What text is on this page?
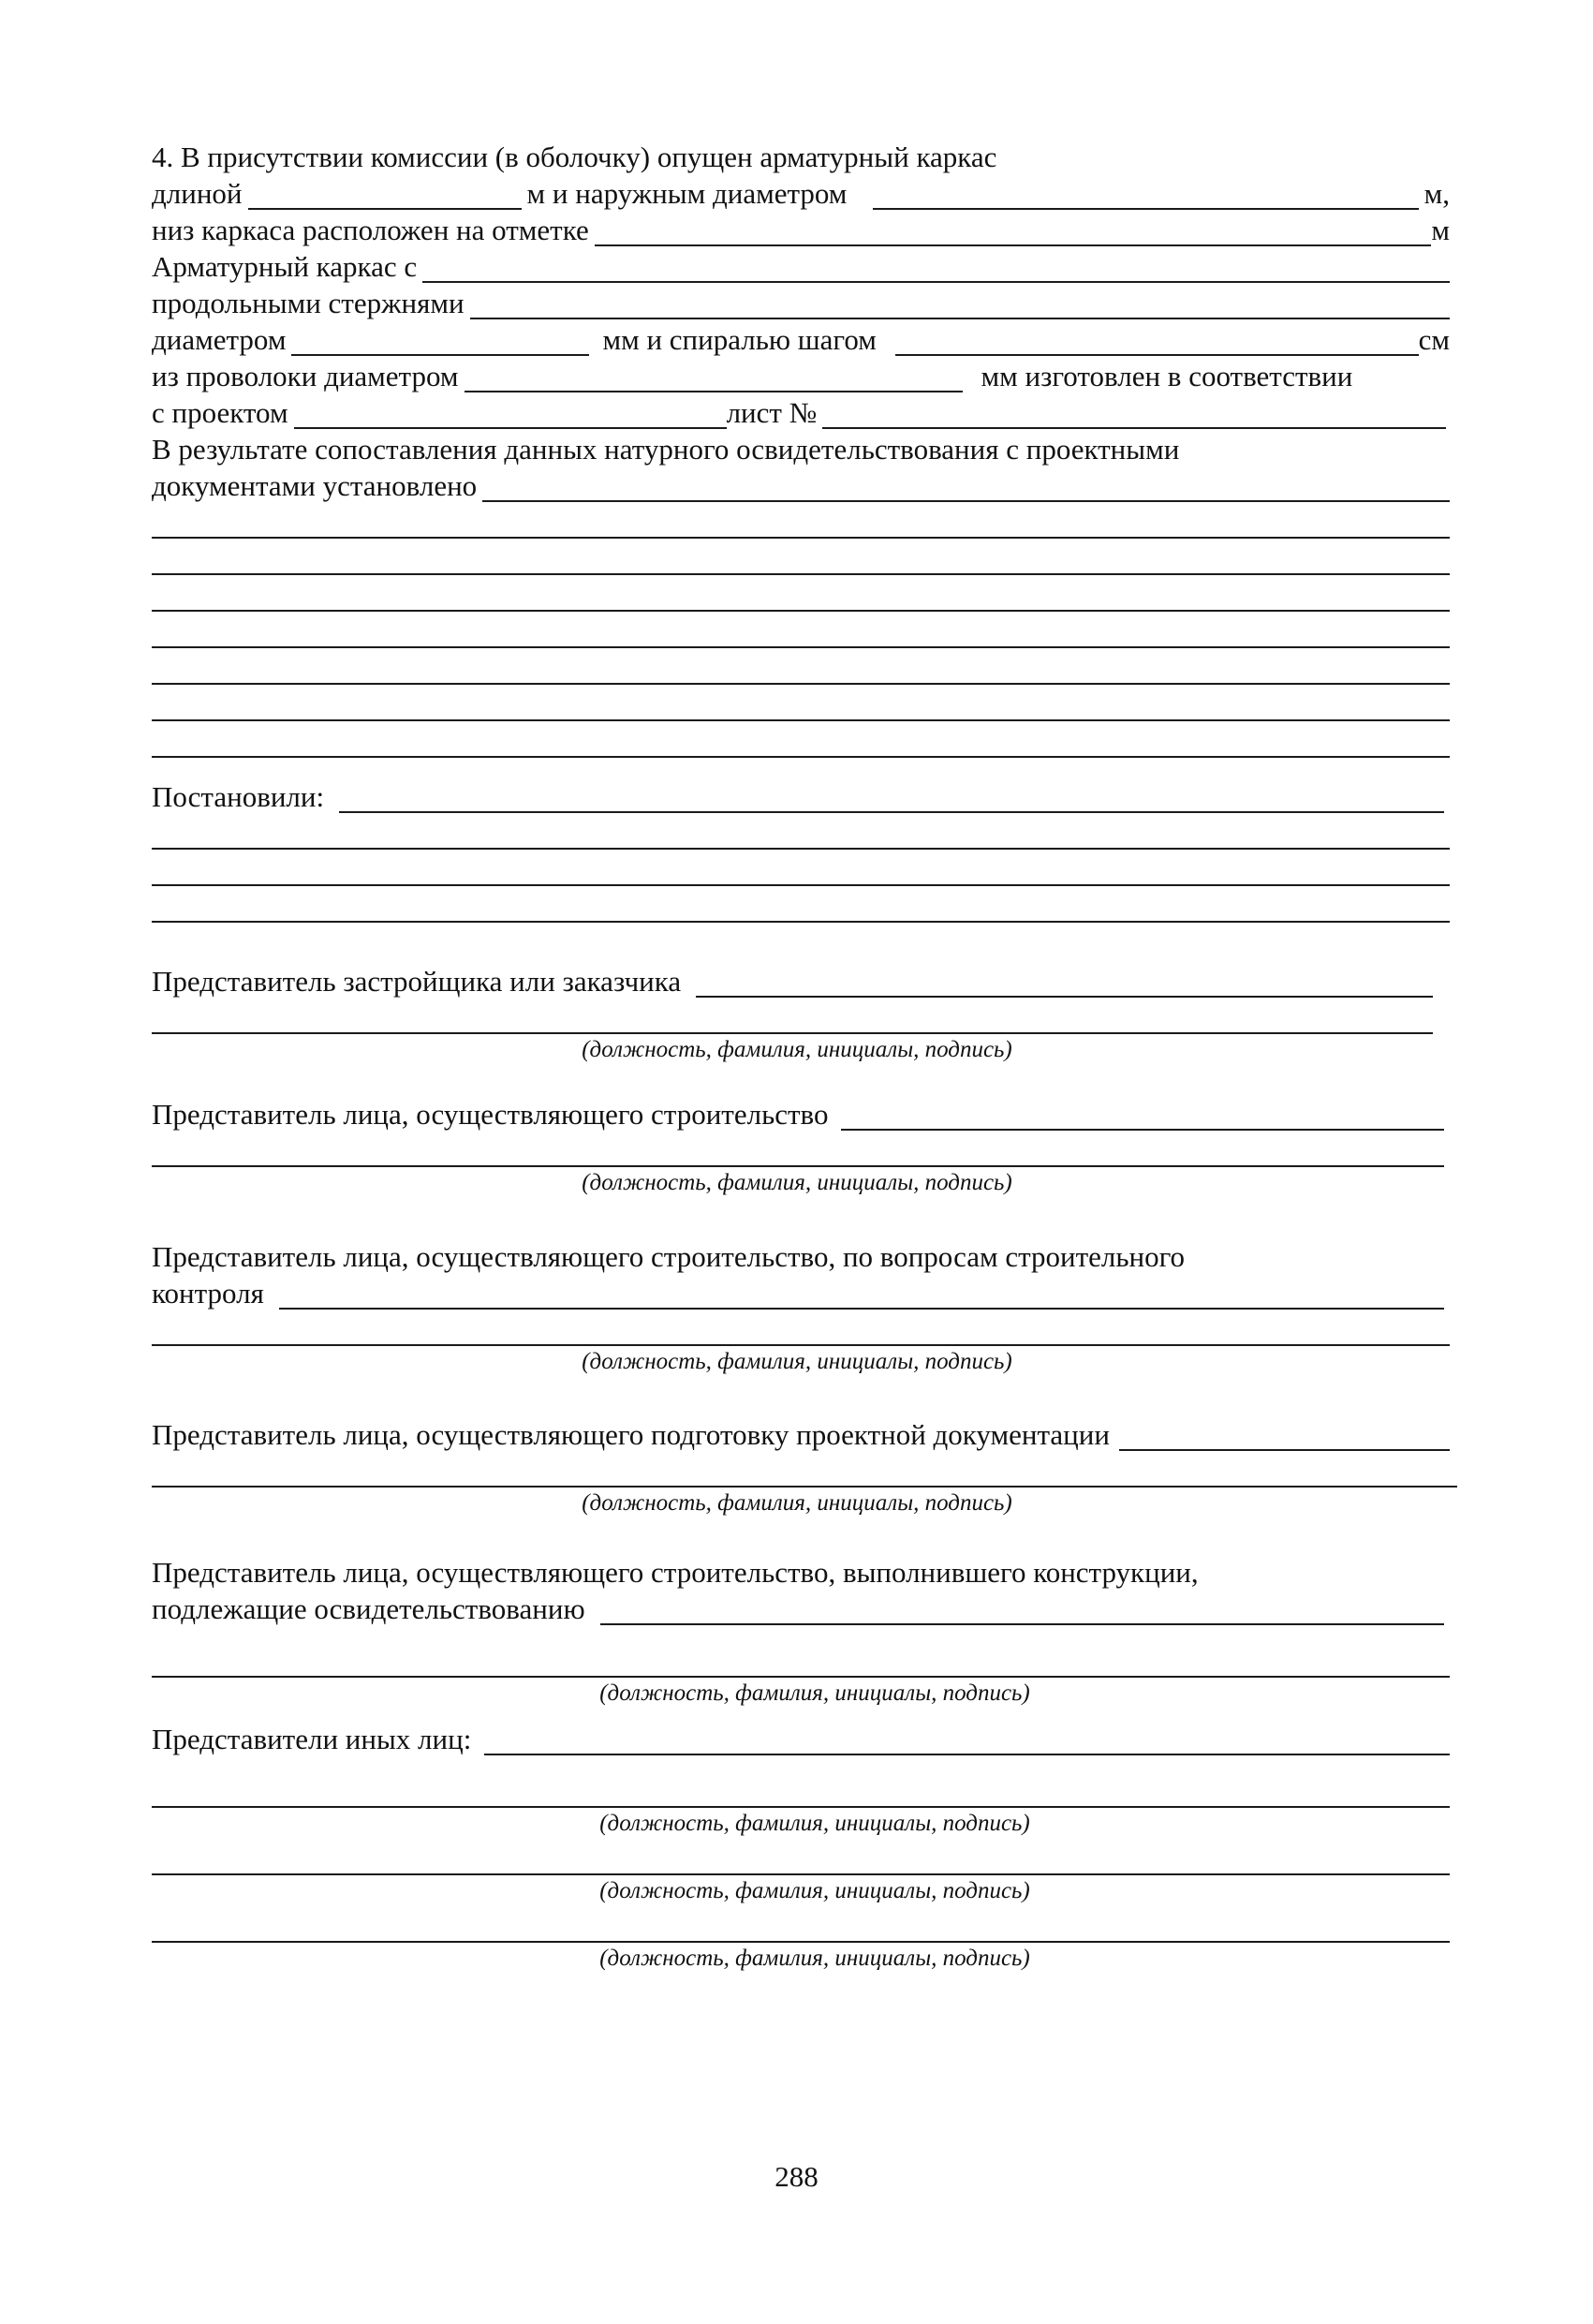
4. В присутствии комиссии (в оболочку) опущен арматурный каркас
длиной	м и наружным диаметром	м,
низ каркаса расположен на отметке	м
Арматурный каркас с
продольными стержнями
диаметром	мм и спиралью шагом	см
из проволоки диаметром	мм изготовлен в соответствии
с проектом	лист №
В результате сопоставления данных натурного освидетельствования с проектными
документами установлено
Постановили:
Представитель застройщика или заказчика
(должность, фамилия, инициалы, подпись)
Представитель лица, осуществляющего строительство
(должность, фамилия, инициалы, подпись)
Представитель лица, осуществляющего строительство, по вопросам строительного
контроля
(должность, фамилия, инициалы, подпись)
Представитель лица, осуществляющего подготовку проектной документации
(должность, фамилия, инициалы, подпись)
Представитель лица, осуществляющего строительство, выполнившего конструкции,
подлежащие освидетельствованию
(должность, фамилия, инициалы, подпись)
Представители иных лиц:
(должность, фамилия, инициалы, подпись)
(должность, фамилия, инициалы, подпись)
(должность, фамилия, инициалы, подпись)
288
